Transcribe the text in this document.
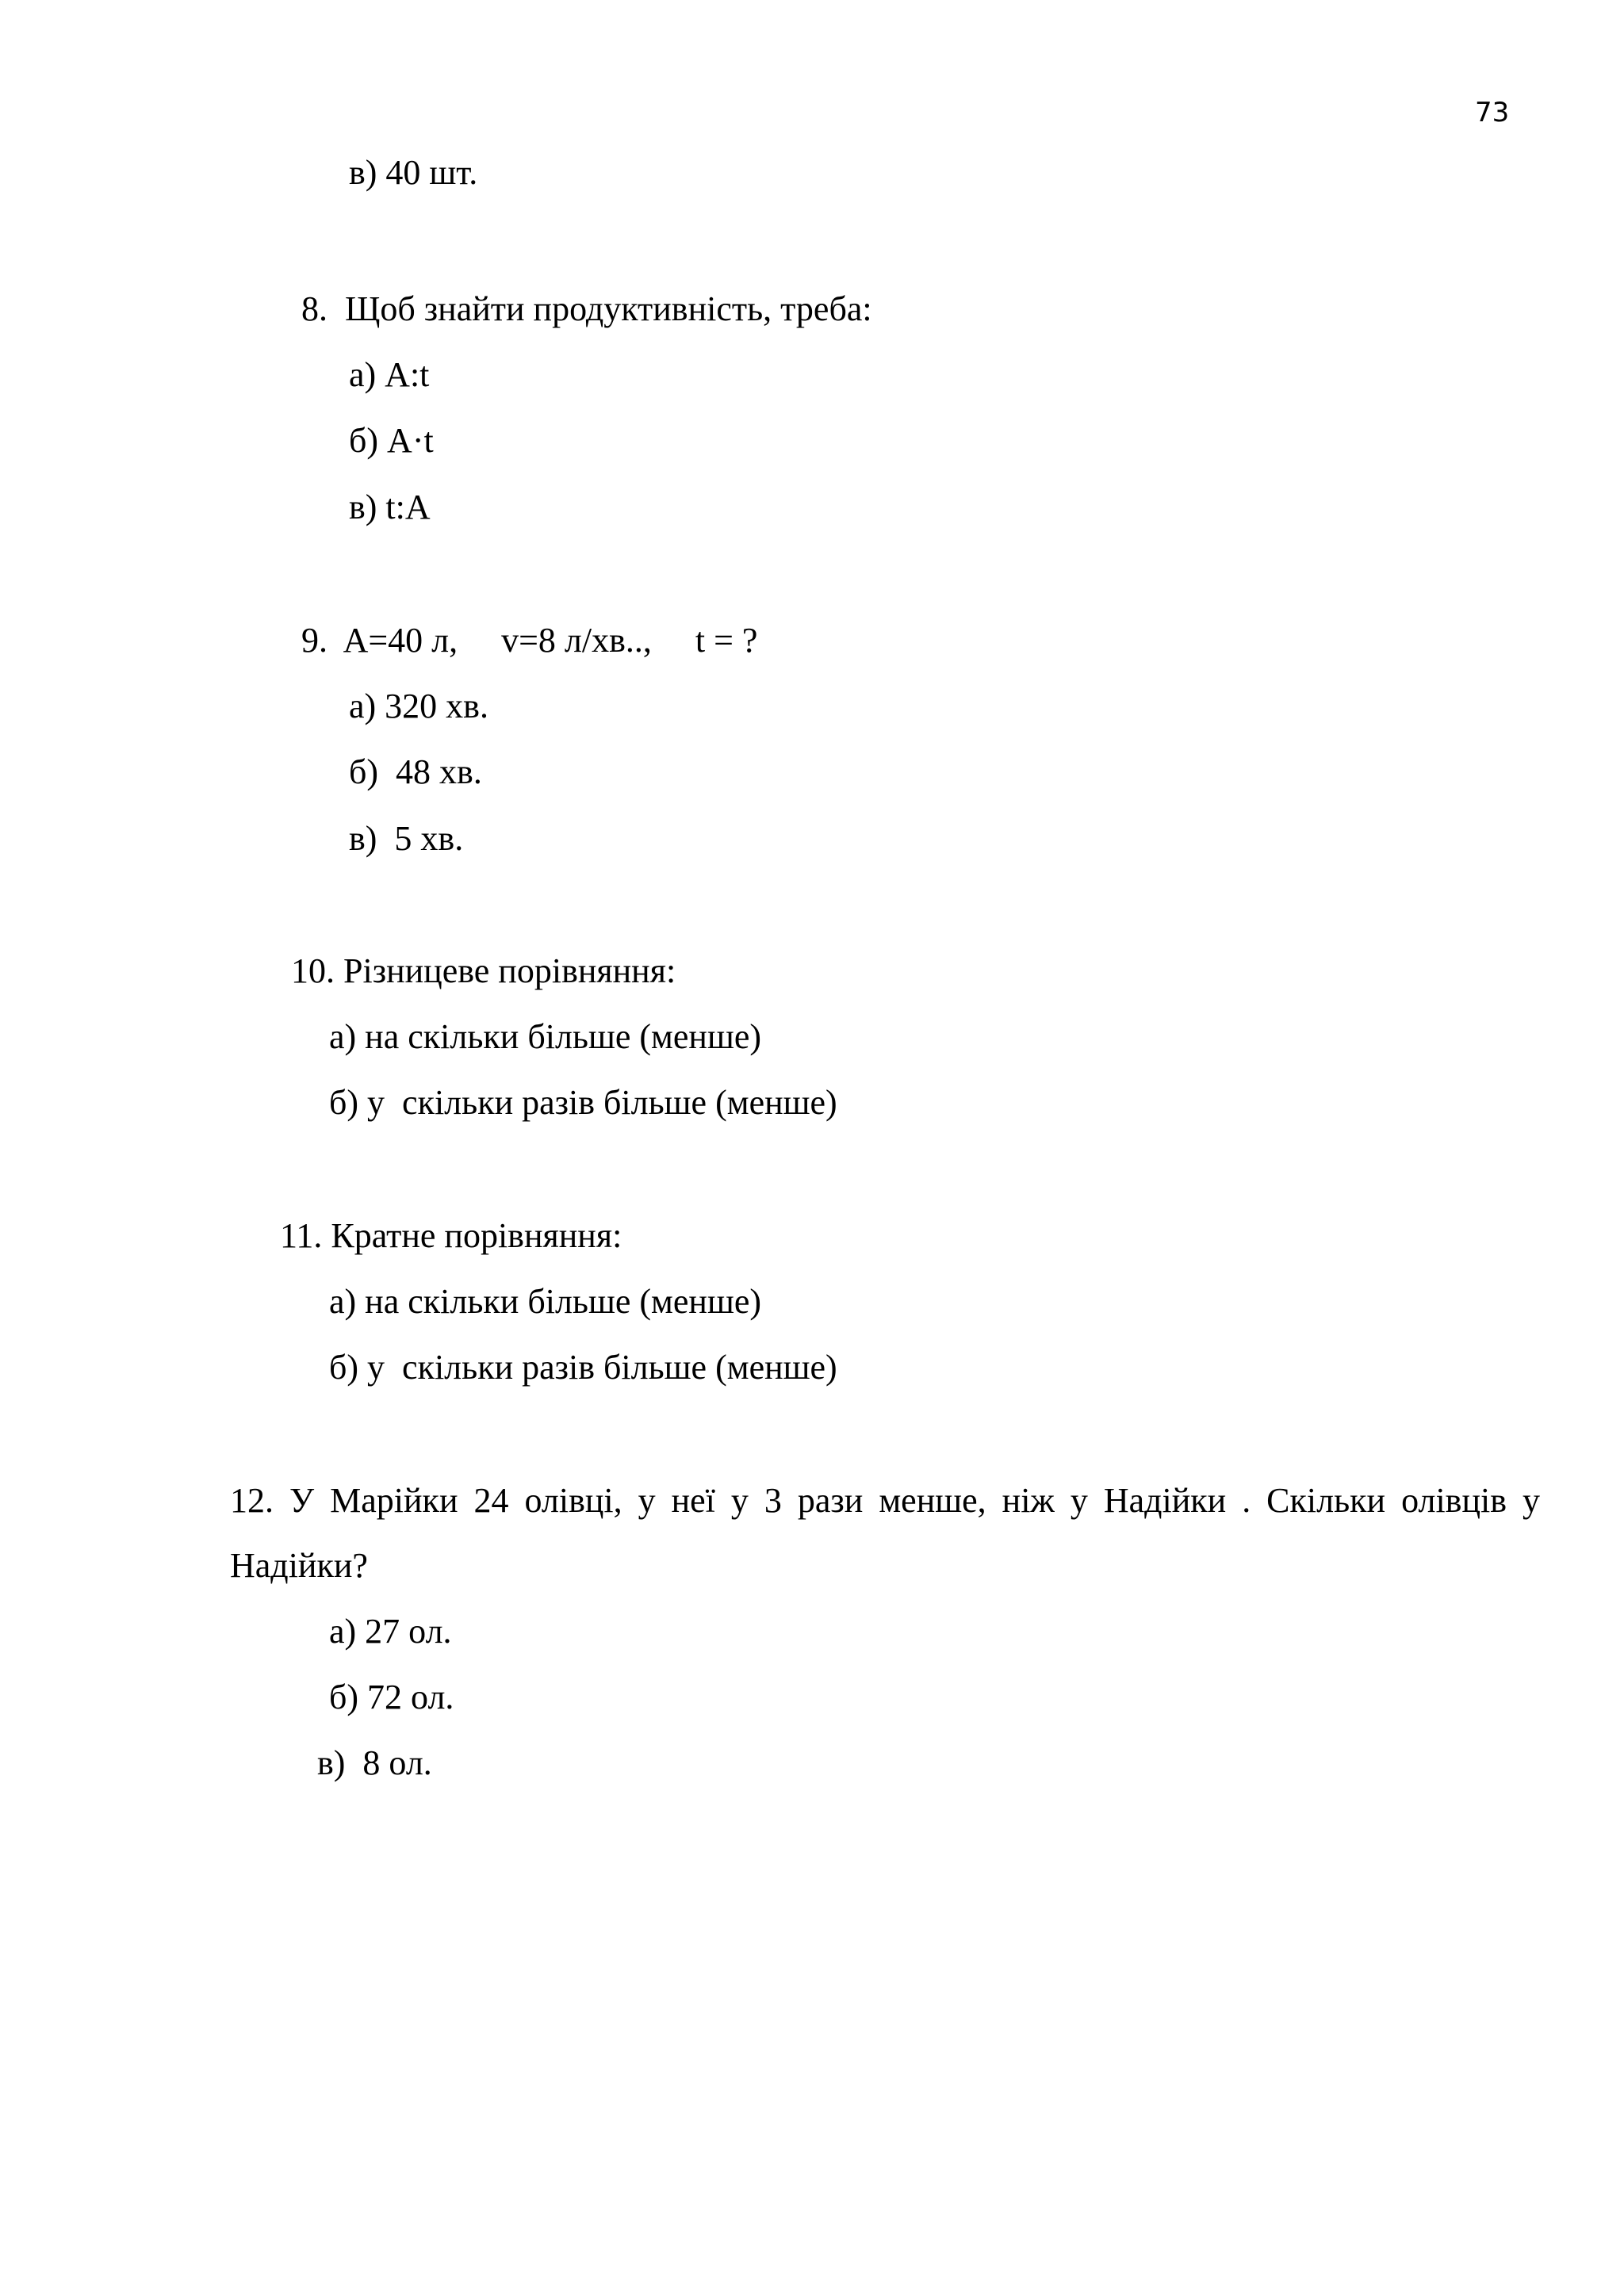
73
в) 40 шт.
8.  Щоб знайти продуктивність, треба:
а) A:t
б) A·t
в) t:A
9.  A=40 л,     v=8 л/хв..,     t = ?
а) 320 хв.
б)  48 хв.
в)  5 хв.
10. Різницеве порівняння:
а) на скільки більше (менше)
б) у  скільки разів більше (менше)
11. Кратне порівняння:
а) на скільки більше (менше)
б) у  скільки разів більше (менше)
12. У Марійки 24 олівці, у неї у 3 рази менше, ніж у Надійки . Скільки олівців у Надійки?
а) 27 ол.
б) 72 ол.
в)  8 ол.
